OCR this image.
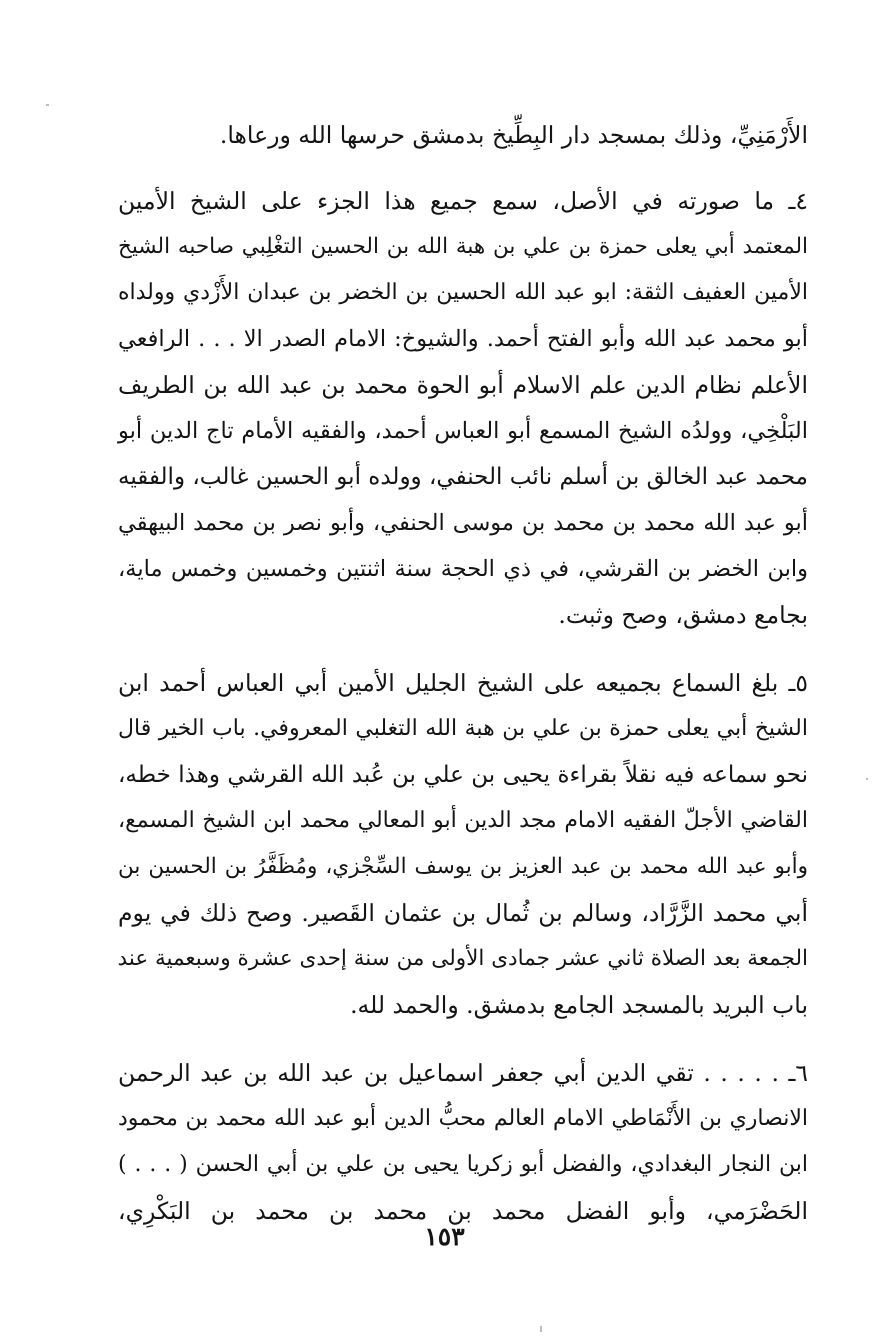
الأَرْمَنِيِّ، وذلك بمسجد دار البِطِّيخ بدمشق حرسها الله ورعاها.
٤ـ ما صورته في الأصل، سمع جميع هذا الجزء على الشيخ الأمين
المعتمد أبي يعلى حمزة بن علي بن هبة الله بن الحسين التغْلِبي صاحبه الشيخ
الأمين العفيف الثقة: ابو عبد الله الحسين بن الخضر بن عبدان الأَزْدي وولداه
أبو محمد عبد الله وأبو الفتح أحمد. والشيوخ: الامام الصدر الا . . . الرافعي
الأعلم نظام الدين علم الاسلام أبو الحوة محمد بن عبد الله بن الطريف
البَلْخِي، وولدُه الشيخ المسمع أبو العباس أحمد، والفقيه الأمام تاج الدين أبو
محمد عبد الخالق بن أسلم نائب الحنفي، وولده أبو الحسين غالب، والفقيه
أبو عبد الله محمد بن محمد بن موسى الحنفي، وأبو نصر بن محمد البيهقي
وابن الخضر بن القرشي، في ذي الحجة سنة اثنتين وخمسين وخمس ماية،
بجامع دمشق، وصح وثبت.
٥ـ بلغ السماع بجميعه على الشيخ الجليل الأمين أبي العباس أحمد ابن
الشيخ أبي يعلى حمزة بن علي بن هبة الله التغلبي المعروفي. باب الخير قال
نحو سماعه فيه نقلاً بقراءة يحيى بن علي بن عُبد الله القرشي وهذا خطه،
القاضي الأجلّ الفقيه الامام مجد الدين أبو المعالي محمد ابن الشيخ المسمع،
وأبو عبد الله محمد بن عبد العزيز بن يوسف السِّجْزي، ومُظَفَّرُ بن الحسين بن
أبي محمد الزَّرَّاد، وسالم بن ثُمال بن عثمان القَصير. وصح ذلك في يوم
الجمعة بعد الصلاة ثاني عشر جمادى الأولى من سنة إحدى عشرة وسبعمية عند
باب البريد بالمسجد الجامع بدمشق. والحمد لله.
٦ـ . . . . . تقي الدين أبي جعفر اسماعيل بن عبد الله بن عبد الرحمن
الانصاري بن الأَنْمَاطي الامام العالم محبُّ الدين أبو عبد الله محمد بن محمود
ابن النجار البغدادي، والفضل أبو زكريا يحيى بن علي بن أبي الحسن ( . . . )
الحَضْرَمي، وأبو الفضل محمد بن محمد بن محمد بن البَكْرِي،
١٥٣
